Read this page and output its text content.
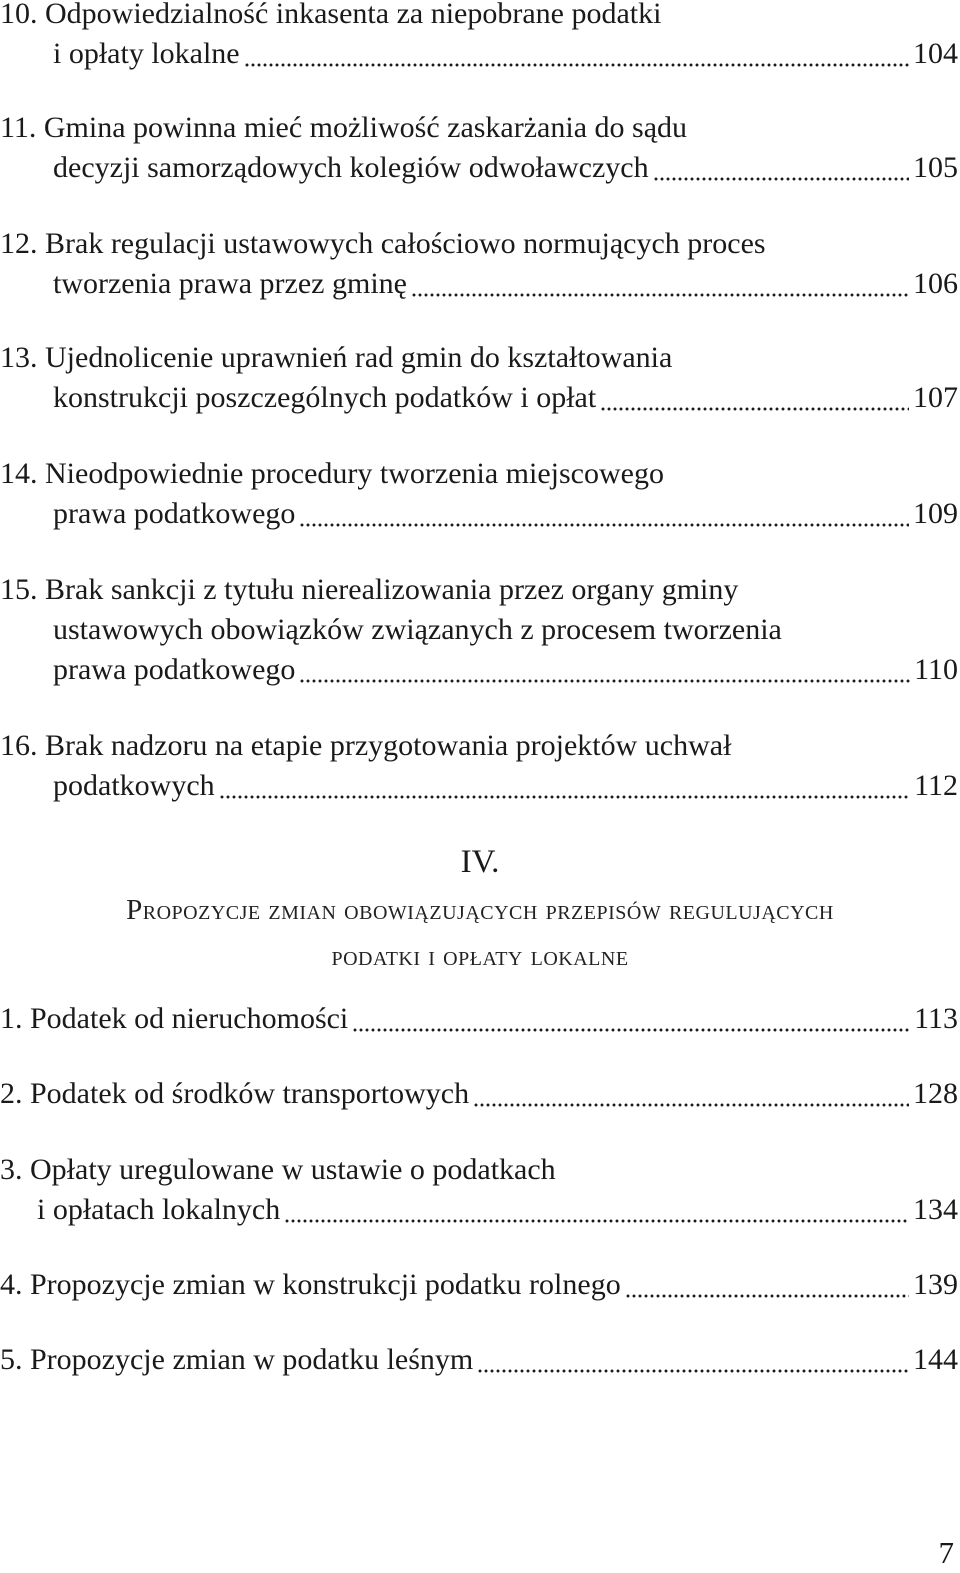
10. Odpowiedzialność inkasenta za niepobrane podatki
i opłaty lokalne	104
11. Gmina powinna mieć możliwość zaskarżania do sądu
decyzji samorządowych kolegiów odwoławczych	105
12. Brak regulacji ustawowych całościowo normujących proces
tworzenia prawa przez gminę	106
13. Ujednolicenie uprawnień rad gmin do kształtowania
konstrukcji poszczególnych podatków i opłat	107
14. Nieodpowiednie procedury tworzenia miejscowego
prawa podatkowego	109
15. Brak sankcji z tytułu nierealizowania przez organy gminy
ustawowych obowiązków związanych z procesem tworzenia
prawa podatkowego	110
16. Brak nadzoru na etapie przygotowania projektów uchwał
podatkowych	112
IV.
Propozycje zmian obowiązujących przepisów regulujących
podatki i opłaty lokalne
1. Podatek od nieruchomości	113
2. Podatek od środków transportowych	128
3. Opłaty uregulowane w ustawie o podatkach
i opłatach lokalnych	134
4. Propozycje zmian w konstrukcji podatku rolnego	139
5. Propozycje zmian w podatku leśnym	144
7
